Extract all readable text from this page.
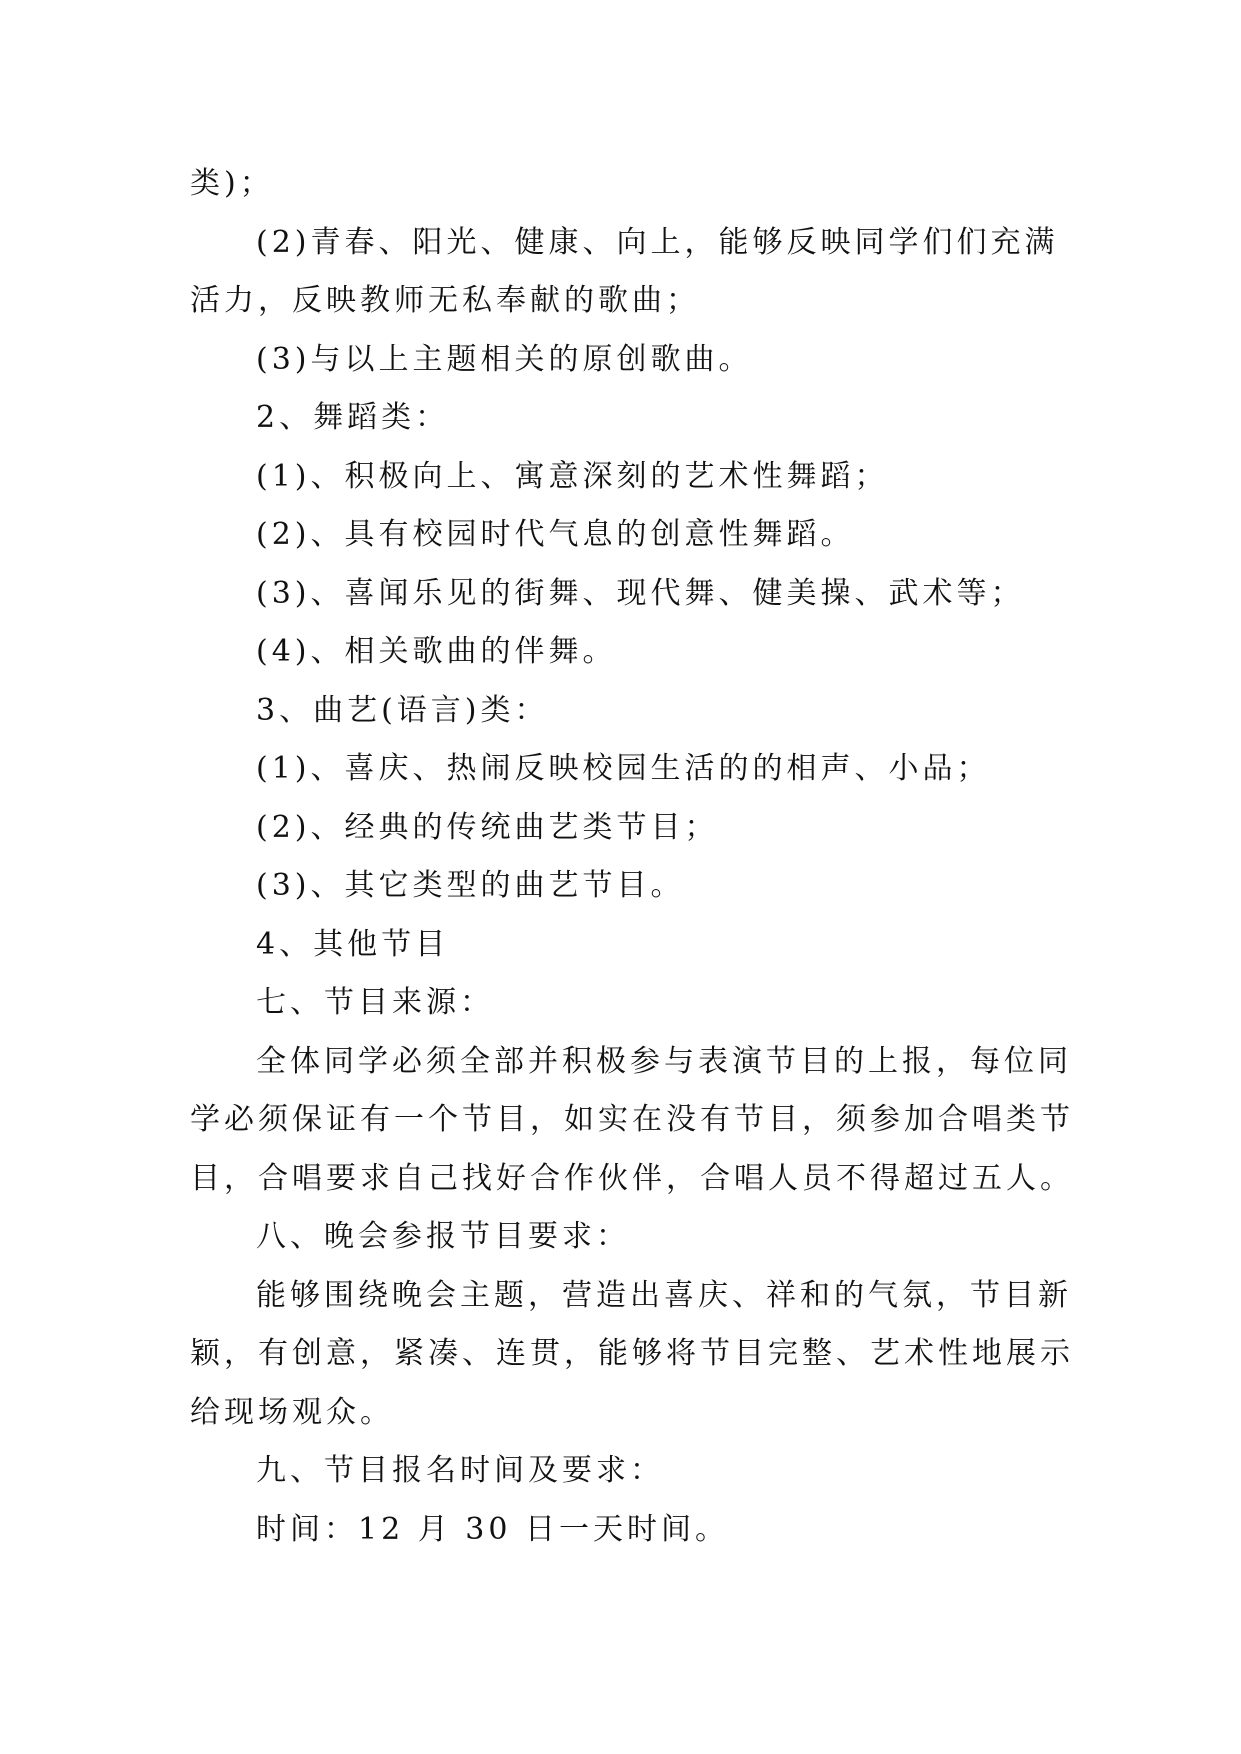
类)；
(2)青春、阳光、健康、向上，能够反映同学们们充满
活力，反映教师无私奉献的歌曲；
(3)与以上主题相关的原创歌曲。
2、舞蹈类：
(1)、积极向上、寓意深刻的艺术性舞蹈；
(2)、具有校园时代气息的创意性舞蹈。
(3)、喜闻乐见的街舞、现代舞、健美操、武术等；
(4)、相关歌曲的伴舞。
3、曲艺(语言)类：
(1)、喜庆、热闹反映校园生活的的相声、小品；
(2)、经典的传统曲艺类节目；
(3)、其它类型的曲艺节目。
4、其他节目
七、节目来源：
全体同学必须全部并积极参与表演节目的上报，每位同
学必须保证有一个节目，如实在没有节目，须参加合唱类节
目，合唱要求自己找好合作伙伴，合唱人员不得超过五人。
八、晚会参报节目要求：
能够围绕晚会主题，营造出喜庆、祥和的气氛，节目新
颖，有创意，紧凑、连贯，能够将节目完整、艺术性地展示
给现场观众。
九、节目报名时间及要求：
时间：12 月 30 日一天时间。
